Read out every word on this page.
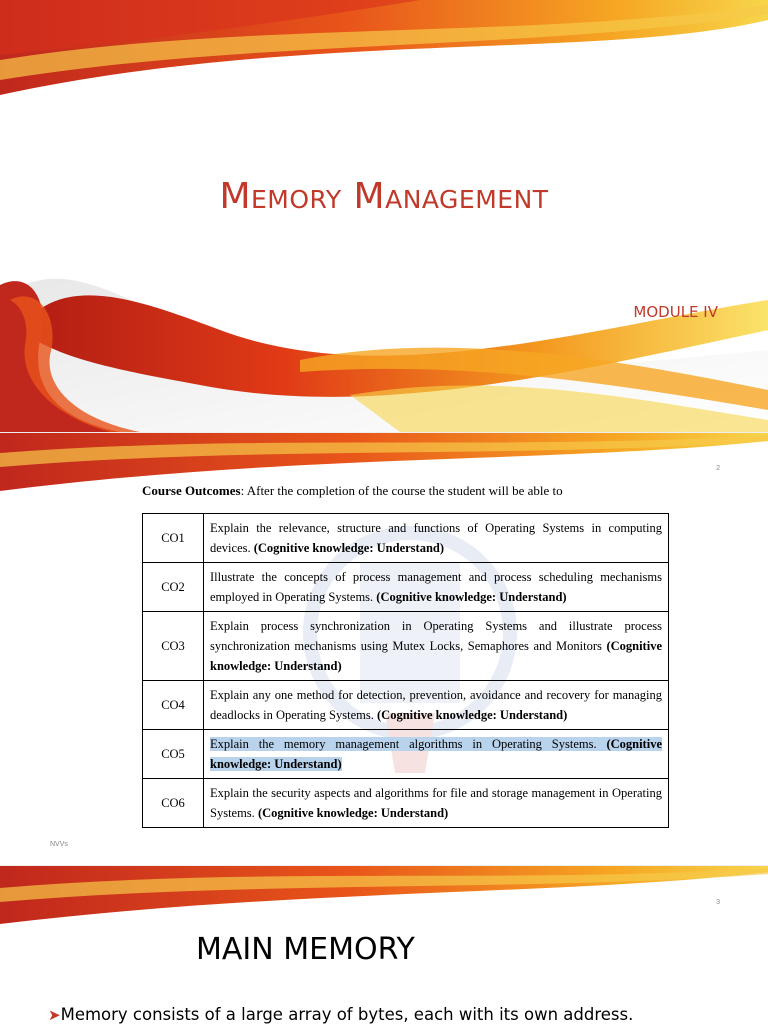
Memory Management
MODULE IV
2
Course Outcomes: After the completion of the course the student will be able to
CO1	Explain the relevance, structure and functions of Operating Systems in computing devices. (Cognitive knowledge: Understand)
CO2	Illustrate the concepts of process management and process scheduling mechanisms employed in Operating Systems. (Cognitive knowledge: Understand)
CO3	Explain process synchronization in Operating Systems and illustrate process synchronization mechanisms using Mutex Locks, Semaphores and Monitors (Cognitive knowledge: Understand)
CO4	Explain any one method for detection, prevention, avoidance and recovery for managing deadlocks in Operating Systems. (Cognitive knowledge: Understand)
CO5	Explain the memory management algorithms in Operating Systems. (Cognitive knowledge: Understand)
CO6	Explain the security aspects and algorithms for file and storage management in Operating Systems. (Cognitive knowledge: Understand)
NVVs
3
MAIN MEMORY
➤Memory consists of a large array of bytes, each with its own address.
